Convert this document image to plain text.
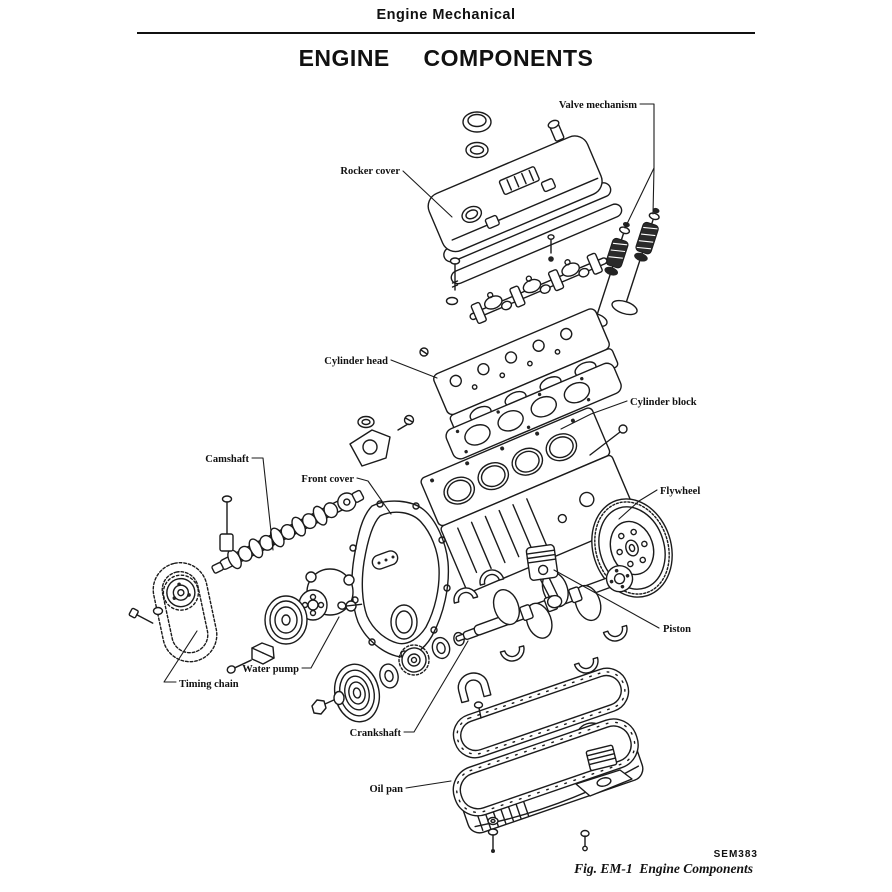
Engine Mechanical
ENGINE  COMPONENTS
Valve mechanism
Rocker cover
Cylinder head
Cylinder block
Camshaft
Front cover
Flywheel
Piston
Water pump
Timing chain
Crankshaft
Oil pan
SEM383
Fig. EM-1  Engine Components
